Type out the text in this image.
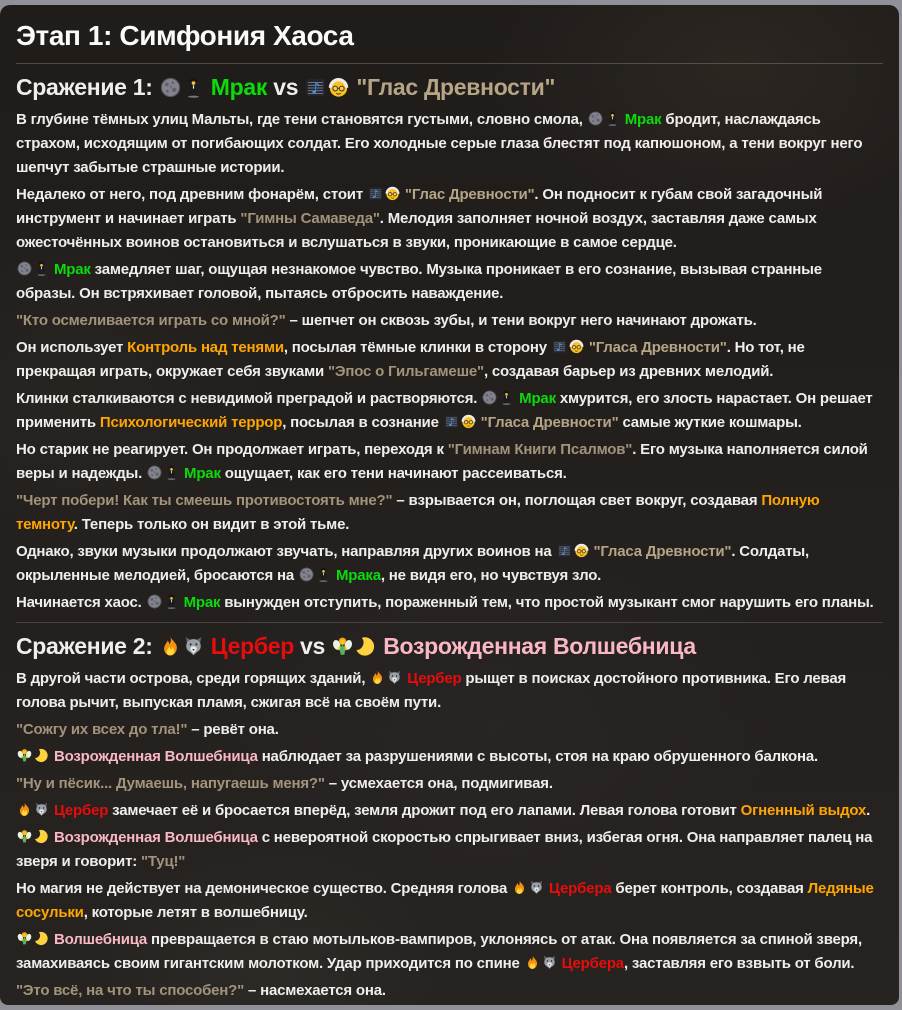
Этап 1: Симфония Хаоса
Сражение 1:  Мрак vs ♪ "Глас Древности"

В глубине тёмных улиц Мальты, где тени становятся густыми, словно смола,  Мрак бродит, наслаждаясь страхом, исходящим от погибающих солдат. Его холодные серые глаза блестят под капюшоном, а тени вокруг него шепчут забытые страшные истории.

Недалеко от него, под древним фонарём, стоит ♪ "Глас Древности". Он подносит к губам свой загадочный инструмент и начинает играть "Гимны Самаведа". Мелодия заполняет ночной воздух, заставляя даже самых ожесточённых воинов остановиться и вслушаться в звуки, проникающие в самое сердце.

Мрак замедляет шаг, ощущая незнакомое чувство. Музыка проникает в его сознание, вызывая странные образы. Он встряхивает головой, пытаясь отбросить наваждение.

"Кто осмеливается играть со мной?" – шепчет он сквозь зубы, и тени вокруг него начинают дрожать.

Он использует Контроль над тенями, посылая тёмные клинки в сторону ♪ "Гласа Древности". Но тот, не прекращая играть, окружает себя звуками "Эпос о Гильгамеше", создавая барьер из древних мелодий.

Клинки сталкиваются с невидимой преградой и растворяются.  Мрак хмурится, его злость нарастает. Он решает применить Психологический террор, посылая в сознание ♪ "Гласа Древности" самые жуткие кошмары.

Но старик не реагирует. Он продолжает играть, переходя к "Гимнам Книги Псалмов". Его музыка наполняется силой веры и надежды.  Мрак ощущает, как его тени начинают рассеиваться.

"Черт побери! Как ты смеешь противостоять мне?" – взрывается он, поглощая свет вокруг, создавая Полную темноту. Теперь только он видит в этой тьме.

Однако, звуки музыки продолжают звучать, направляя других воинов на ♪ "Гласа Древности". Солдаты, окрыленные мелодией, бросаются на  Мрака, не видя его, но чувствуя зло.

Начинается хаос.  Мрак вынужден отступить, пораженный тем, что простой музыкант смог нарушить его планы.

Сражение 2:  Цербер vs  Возрожденная Волшебница

В другой части острова, среди горящих зданий,  Цербер рыщет в поисках достойного противника. Его левая голова рычит, выпуская пламя, сжигая всё на своём пути.

"Сожгу их всех до тла!" – ревёт она.

Возрожденная Волшебница наблюдает за разрушениями с высоты, стоя на краю обрушенного балкона.

"Ну и пёсик... Думаешь, напугаешь меня?" – усмехается она, подмигивая.

Цербер замечает её и бросается вперёд, земля дрожит под его лапами. Левая голова готовит Огненный выдох.

Возрожденная Волшебница с невероятной скоростью спрыгивает вниз, избегая огня. Она направляет палец на зверя и говорит: "Туц!"

Но магия не действует на демоническое существо. Средняя голова  Цербера берет контроль, создавая Ледяные сосульки, которые летят в волшебницу.

Волшебница превращается в стаю мотыльков-вампиров, уклоняясь от атак. Она появляется за спиной зверя, замахиваясь своим гигантским молотком. Удар приходится по спине  Цербера, заставляя его взвыть от боли.

"Это всё, на что ты способен?" – насмехается она.
